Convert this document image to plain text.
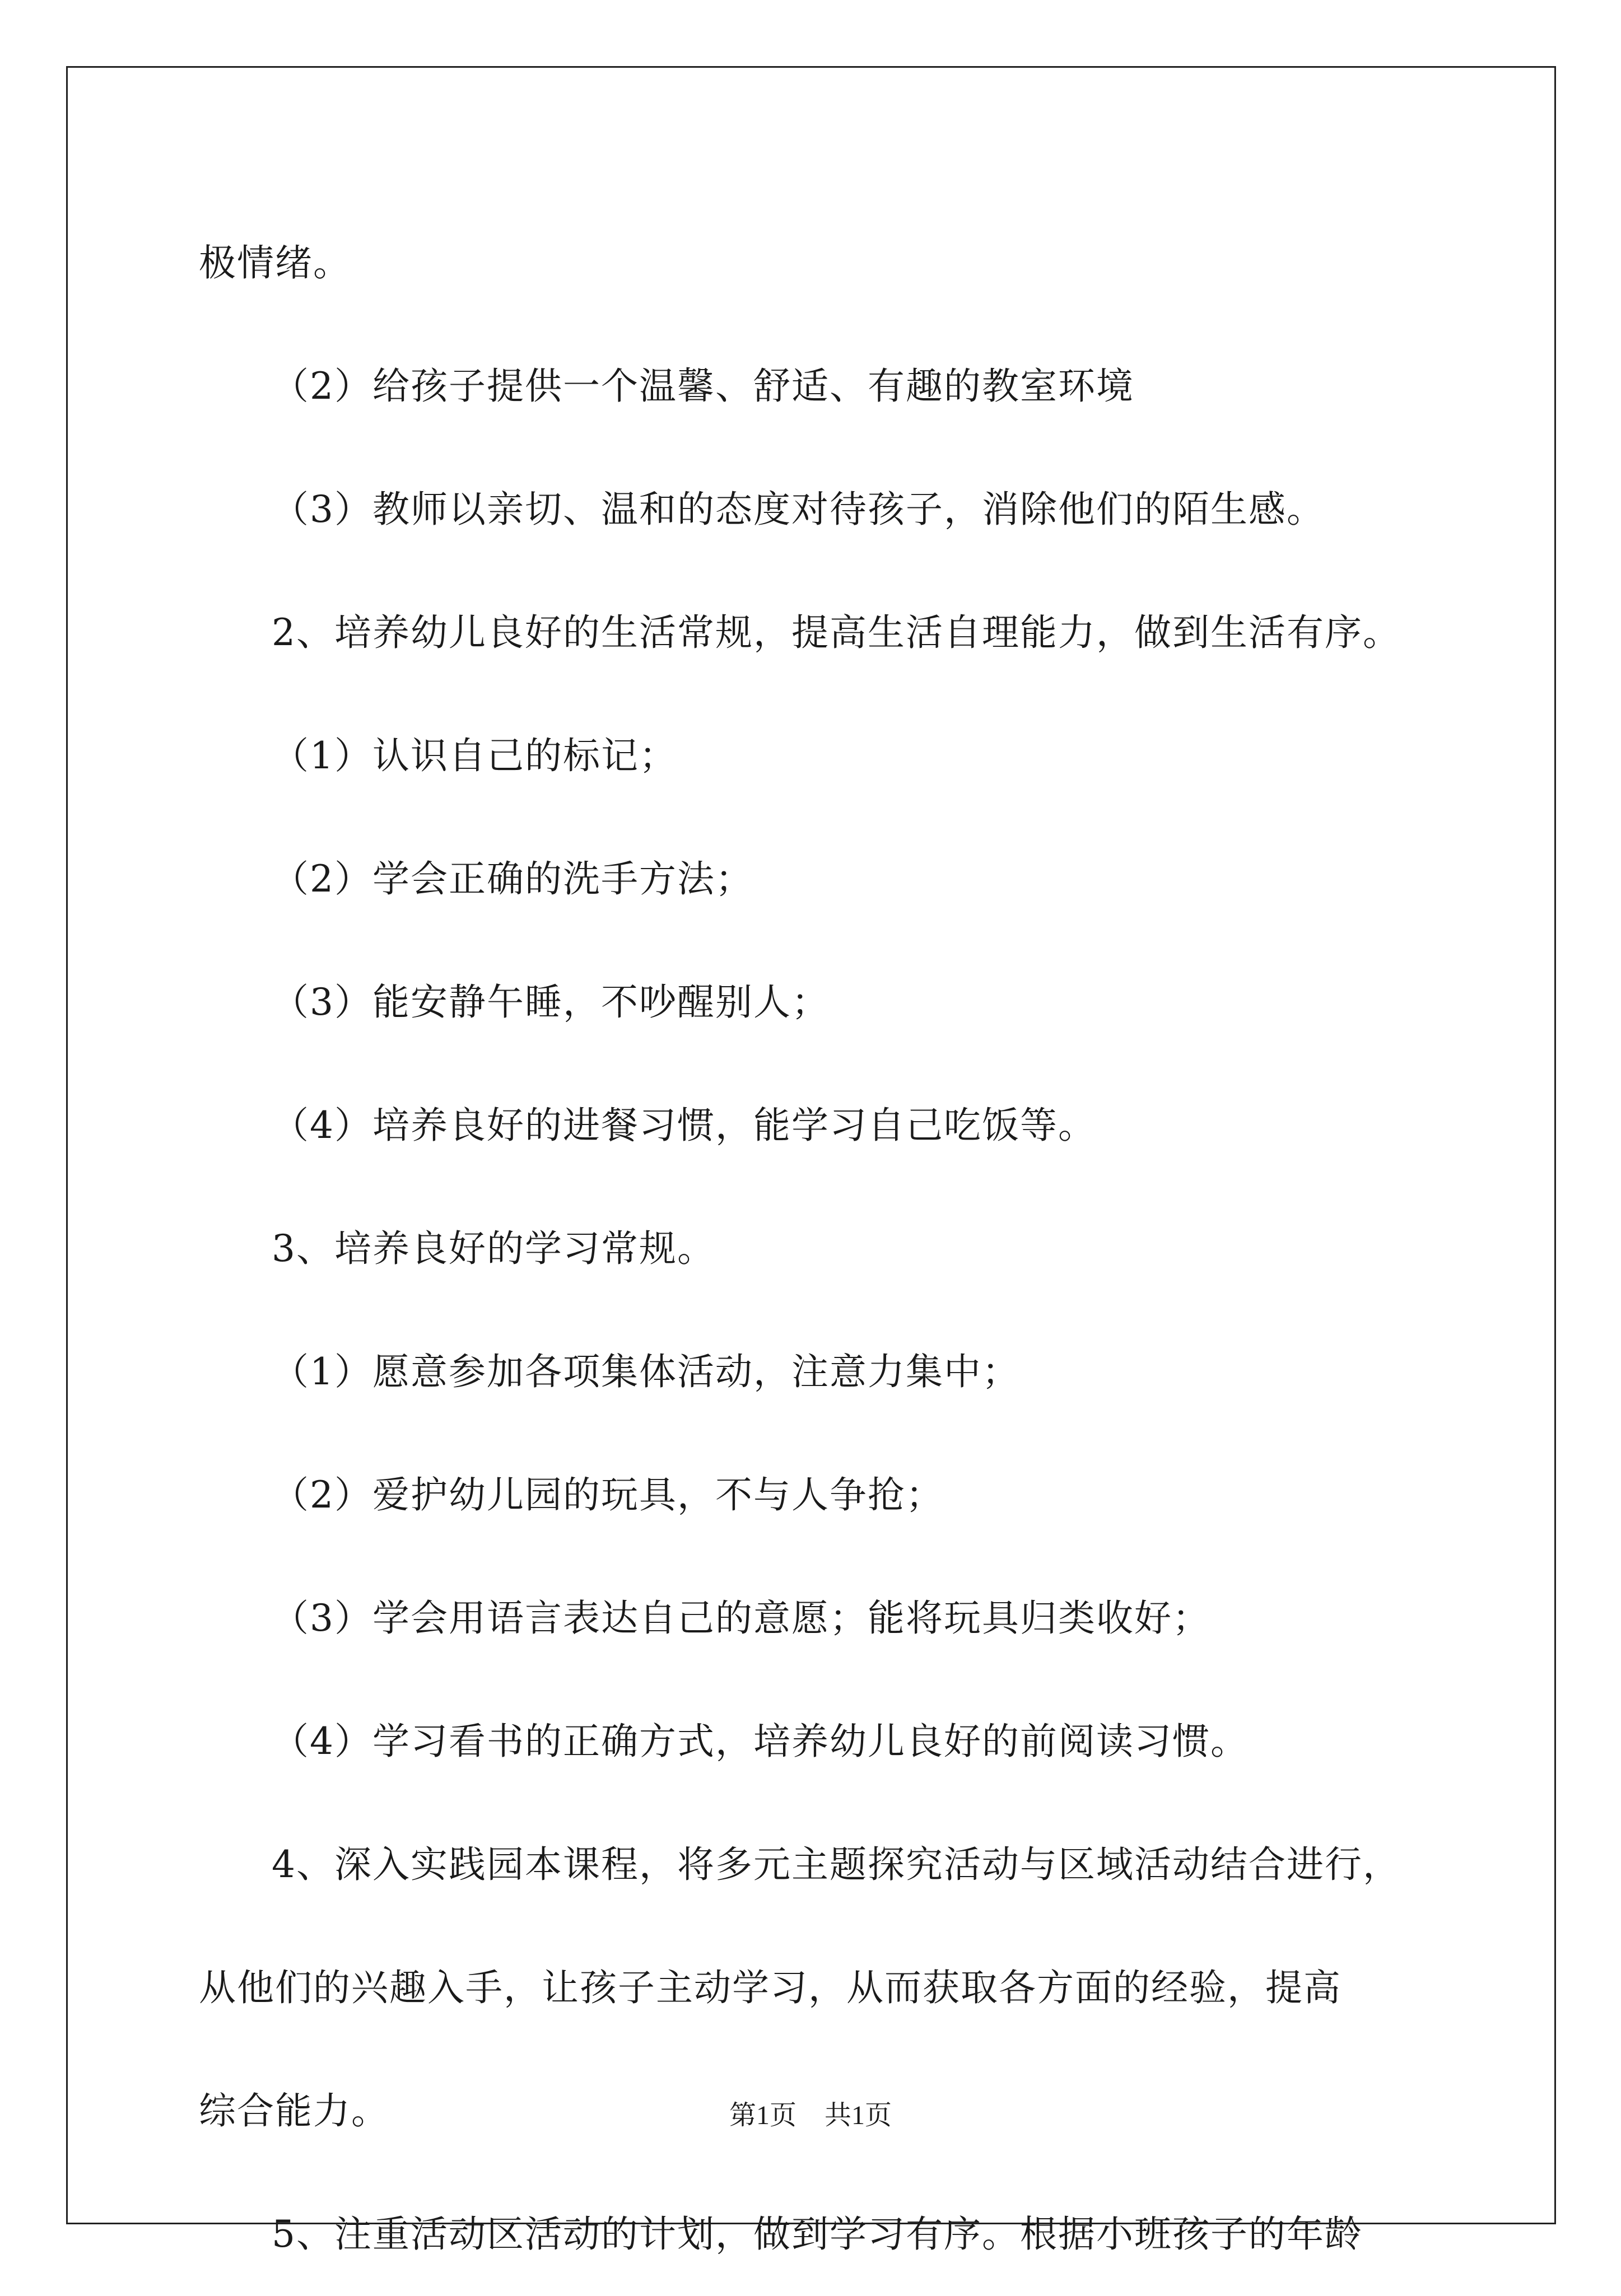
极情绪。

（2）给孩子提供一个温馨、舒适、有趣的教室环境

（3）教师以亲切、温和的态度对待孩子，消除他们的陌生感。

2、培养幼儿良好的生活常规，提高生活自理能力，做到生活有序。

（1）认识自己的标记；

（2）学会正确的洗手方法；

（3）能安静午睡，不吵醒别人；

（4）培养良好的进餐习惯，能学习自己吃饭等。

3、培养良好的学习常规。

（1）愿意参加各项集体活动，注意力集中；

（2）爱护幼儿园的玩具，不与人争抢；

（3）学会用语言表达自己的意愿；能将玩具归类收好；

（4）学习看书的正确方式，培养幼儿良好的前阅读习惯。

4、深入实践园本课程，将多元主题探究活动与区域活动结合进行，

从他们的兴趣入手，让孩子主动学习，从而获取各方面的经验，提高

综合能力。

5、注重活动区活动的计划，做到学习有序。根据小班孩子的年龄

第1页 共1页
